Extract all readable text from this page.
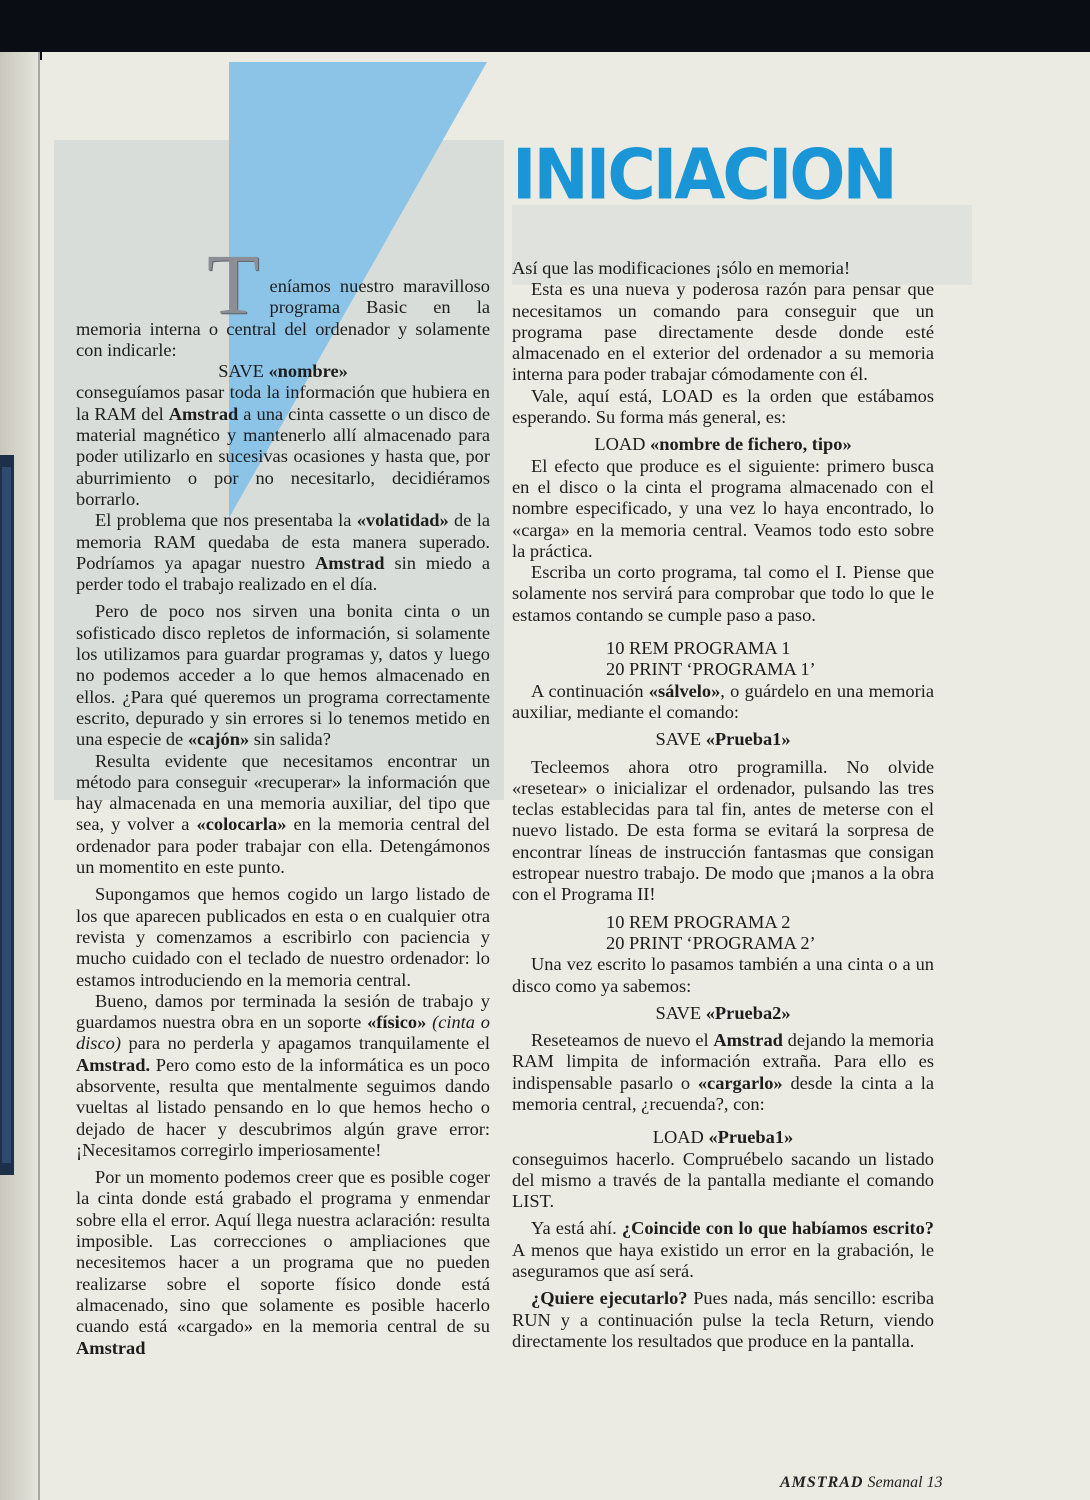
INICIACION

Teníamos nuestro maravilloso programa Basic en la memoria interna o central del ordenador y solamente con indicarle:

SAVE «nombre»

conseguíamos pasar toda la información que hubiera en la RAM del Amstrad a una cinta cassette o un disco de material magnético y mantenerlo allí almacenado para poder utilizarlo en sucesivas ocasiones y hasta que, por aburrimiento o por no necesitarlo, decidiéramos borrarlo.

El problema que nos presentaba la «volatidad» de la memoria RAM quedaba de esta manera superado. Podríamos ya apagar nuestro Amstrad sin miedo a perder todo el trabajo realizado en el día.

Pero de poco nos sirven una bonita cinta o un sofisticado disco repletos de información, si solamente los utilizamos para guardar programas y, datos y luego no podemos acceder a lo que hemos almacenado en ellos. ¿Para qué queremos un programa correctamente escrito, depurado y sin errores si lo tenemos metido en una especie de «cajón» sin salida?

Resulta evidente que necesitamos encontrar un método para conseguir «recuperar» la información que hay almacenada en una memoria auxiliar, del tipo que sea, y volver a «colocarla» en la memoria central del ordenador para poder trabajar con ella. Detengámonos un momentito en este punto.

Supongamos que hemos cogido un largo listado de los que aparecen publicados en esta o en cualquier otra revista y comenzamos a escribirlo con paciencia y mucho cuidado con el teclado de nuestro ordenador: lo estamos introduciendo en la memoria central.

Bueno, damos por terminada la sesión de trabajo y guardamos nuestra obra en un soporte «físico» (cinta o disco) para no perderla y apagamos tranquilamente el Amstrad. Pero como esto de la informática es un poco absorvente, resulta que mentalmente seguimos dando vueltas al listado pensando en lo que hemos hecho o dejado de hacer y descubrimos algún grave error: ¡Necesitamos corregirlo imperiosamente!

Por un momento podemos creer que es posible coger la cinta donde está grabado el programa y enmendar sobre ella el error. Aquí llega nuestra aclaración: resulta imposible. Las correcciones o ampliaciones que necesitemos hacer a un programa que no pueden realizarse sobre el soporte físico donde está almacenado, sino que solamente es posible hacerlo cuando está «cargado» en la memoria central de su Amstrad

Así que las modificaciones ¡sólo en memoria!

Esta es una nueva y poderosa razón para pensar que necesitamos un comando para conseguir que un programa pase directamente desde donde esté almacenado en el exterior del ordenador a su memoria interna para poder trabajar cómodamente con él.

Vale, aquí está, LOAD es la orden que estábamos esperando. Su forma más general, es:

LOAD «nombre de fichero, tipo»

El efecto que produce es el siguiente: primero busca en el disco o la cinta el programa almacenado con el nombre especificado, y una vez lo haya encontrado, lo «carga» en la memoria central. Veamos todo esto sobre la práctica.

Escriba un corto programa, tal como el I. Piense que solamente nos servirá para comprobar que todo lo que le estamos contando se cumple paso a paso.

10 REM PROGRAMA 1

20 PRINT ‘PROGRAMA 1’

A continuación «sálvelo», o guárdelo en una memoria auxiliar, mediante el comando:

SAVE «Prueba1»

Tecleemos ahora otro programilla. No olvide «resetear» o inicializar el ordenador, pulsando las tres teclas establecidas para tal fin, antes de meterse con el nuevo listado. De esta forma se evitará la sorpresa de encontrar líneas de instrucción fantasmas que consigan estropear nuestro trabajo. De modo que ¡manos a la obra con el Programa II!

10 REM PROGRAMA 2

20 PRINT ‘PROGRAMA 2’

Una vez escrito lo pasamos también a una cinta o a un disco como ya sabemos:

SAVE «Prueba2»

Reseteamos de nuevo el Amstrad dejando la memoria RAM limpita de información extraña. Para ello es indispensable pasarlo o «cargarlo» desde la cinta a la memoria central, ¿recuenda?, con:

LOAD «Prueba1»

conseguimos hacerlo. Compruébelo sacando un listado del mismo a través de la pantalla mediante el comando LIST.

Ya está ahí. ¿Coincide con lo que habíamos escrito? A menos que haya existido un error en la grabación, le aseguramos que así será.

¿Quiere ejecutarlo? Pues nada, más sencillo: escriba RUN y a continuación pulse la tecla Return, viendo directamente los resultados que produce en la pantalla.

AMSTRAD Semanal 13
